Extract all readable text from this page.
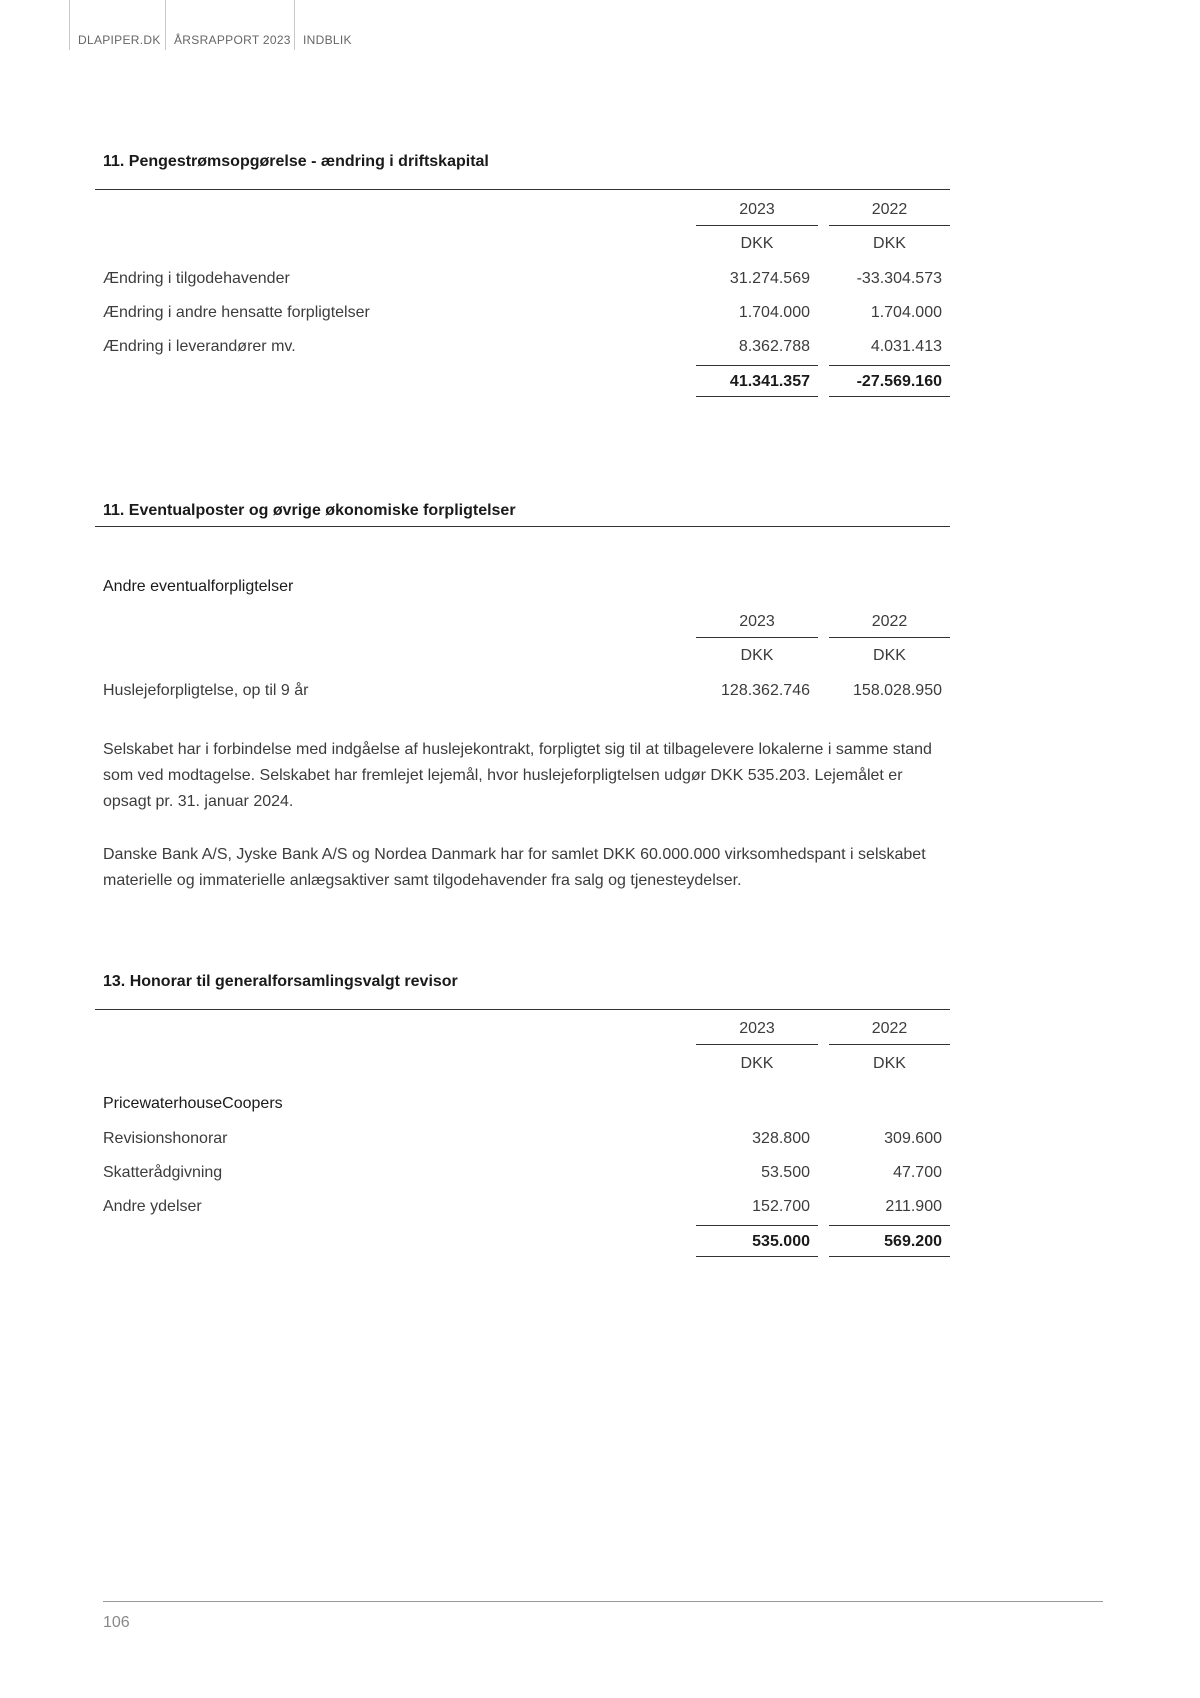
DLAPIPER.DK	ÅRSRAPPORT 2023	INDBLIK
11. Pengestrømsopgørelse - ændring i driftskapital
2023	2022
DKK	DKK
Ændring i tilgodehavender	31.274.569	-33.304.573
Ændring i andre hensatte forpligtelser	1.704.000	1.704.000
Ændring i leverandører mv.	8.362.788	4.031.413
41.341.357	-27.569.160
11. Eventualposter og øvrige økonomiske forpligtelser
Andre eventualforpligtelser
2023	2022
DKK	DKK
Huslejeforpligtelse, op til 9 år	128.362.746	158.028.950
Selskabet har i forbindelse med indgåelse af huslejekontrakt, forpligtet sig til at tilbagelevere lokalerne i samme stand som ved modtagelse. Selskabet har fremlejet lejemål, hvor huslejeforpligtelsen udgør DKK 535.203. Lejemålet er opsagt pr. 31. januar 2024.
Danske Bank A/S, Jyske Bank A/S og Nordea Danmark har for samlet DKK 60.000.000 virksomhedspant i selskabet materielle og immaterielle anlægsaktiver samt tilgodehavender fra salg og tjenesteydelser.
13. Honorar til generalforsamlingsvalgt revisor
2023	2022
DKK	DKK
PricewaterhouseCoopers
Revisionshonorar	328.800	309.600
Skatterådgivning	53.500	47.700
Andre ydelser	152.700	211.900
535.000	569.200
106
